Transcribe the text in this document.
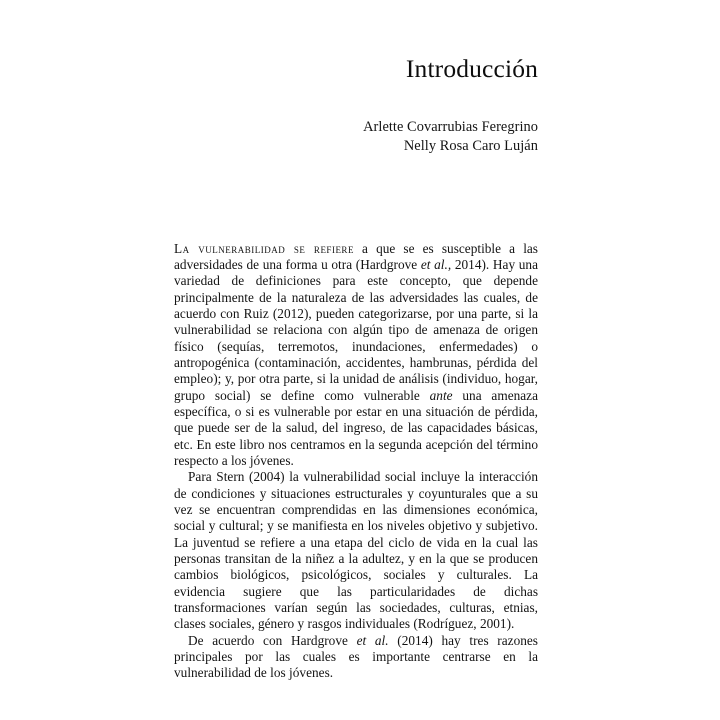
Introducción
Arlette Covarrubias Feregrino
Nelly Rosa Caro Luján

La vulnerabilidad se refiere a que se es susceptible a las adversidades de una forma u otra (Hardgrove et al., 2014). Hay una variedad de definiciones para este concepto, que depende principalmente de la naturaleza de las adversidades las cuales, de acuerdo con Ruiz (2012), pueden categorizarse, por una parte, si la vulnerabilidad se relaciona con algún tipo de amenaza de origen físico (sequías, terremotos, inundaciones, enfermedades) o antropogénica (contaminación, accidentes, hambrunas, pérdida del empleo); y, por otra parte, si la unidad de análisis (individuo, hogar, grupo social) se define como vulnerable ante una amenaza específica, o si es vulnerable por estar en una situación de pérdida, que puede ser de la salud, del ingreso, de las capacidades básicas, etc. En este libro nos centramos en la segunda acepción del término respecto a los jóvenes.

Para Stern (2004) la vulnerabilidad social incluye la interacción de condiciones y situaciones estructurales y coyunturales que a su vez se encuentran comprendidas en las dimensiones económica, social y cultural; y se manifiesta en los niveles objetivo y subjetivo. La juventud se refiere a una etapa del ciclo de vida en la cual las personas transitan de la niñez a la adultez, y en la que se producen cambios biológicos, psicológicos, sociales y culturales. La evidencia sugiere que las particularidades de dichas transformaciones varían según las sociedades, culturas, etnias, clases sociales, género y rasgos individuales (Rodríguez, 2001).

De acuerdo con Hardgrove et al. (2014) hay tres razones principales por las cuales es importante centrarse en la vulnerabilidad de los jóvenes.
